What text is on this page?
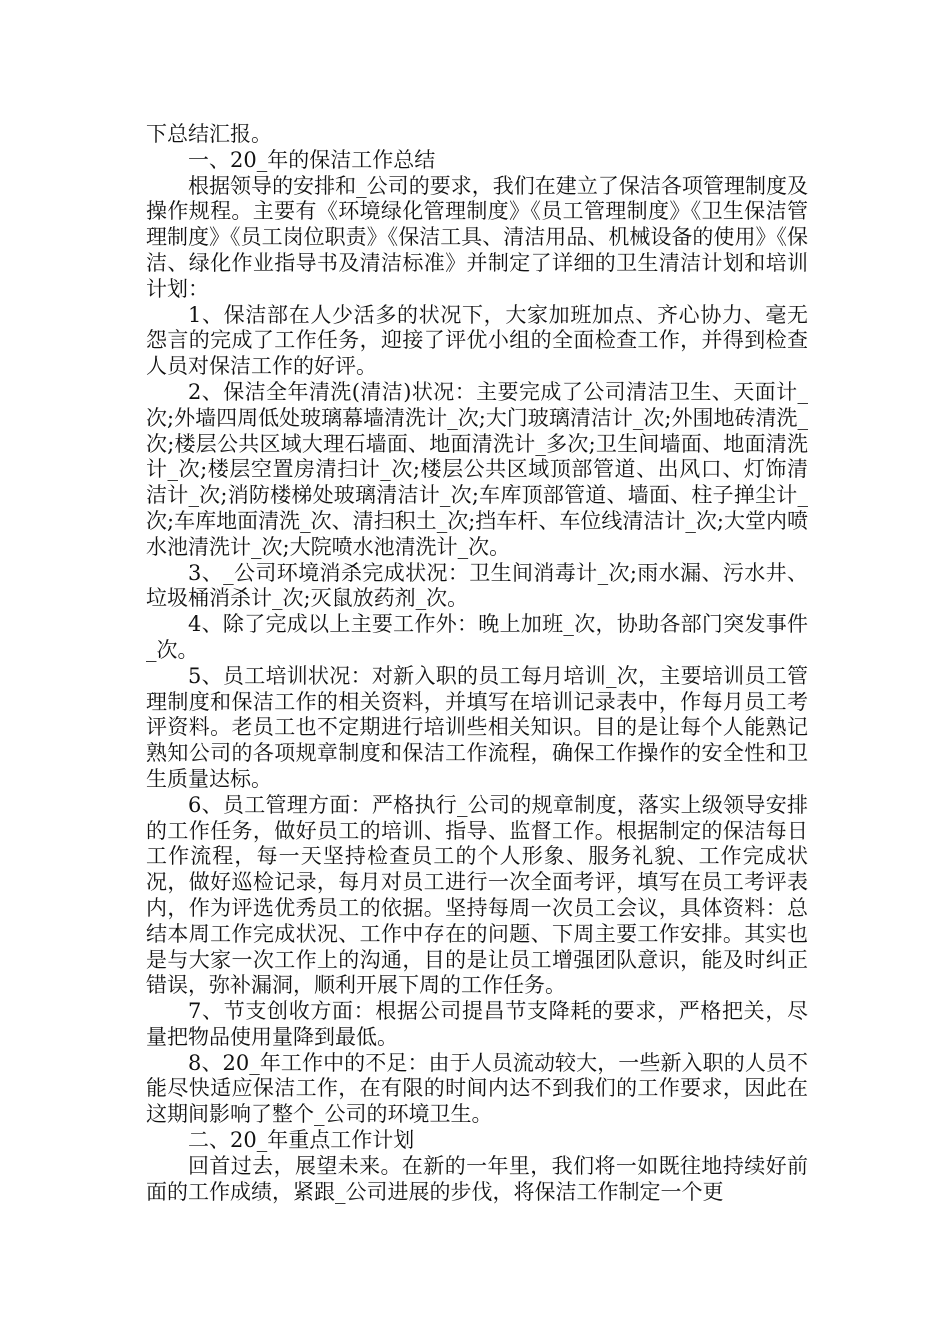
下总结汇报。

一、20_年的保洁工作总结

根据领导的安排和_公司的要求，我们在建立了保洁各项管理制度及操作规程。主要有《环境绿化管理制度》《员工管理制度》《卫生保洁管理制度》《员工岗位职责》《保洁工具、清洁用品、机械设备的使用》《保洁、绿化作业指导书及清洁标准》并制定了详细的卫生清洁计划和培训计划：

1、保洁部在人少活多的状况下，大家加班加点、齐心协力、毫无怨言的完成了工作任务，迎接了评优小组的全面检查工作，并得到检查人员对保洁工作的好评。

2、保洁全年清洗(清洁)状况：主要完成了公司清洁卫生、天面计_次;外墙四周低处玻璃幕墙清洗计_次;大门玻璃清洁计_次;外围地砖清洗_次;楼层公共区域大理石墙面、地面清洗计_多次;卫生间墙面、地面清洗计_次;楼层空置房清扫计_次;楼层公共区域顶部管道、出风口、灯饰清洁计_次;消防楼梯处玻璃清洁计_次;车库顶部管道、墙面、柱子掸尘计_次;车库地面清洗_次、清扫积土_次;挡车杆、车位线清洁计_次;大堂内喷水池清洗计_次;大院喷水池清洗计_次。

3、_公司环境消杀完成状况：卫生间消毒计_次;雨水漏、污水井、垃圾桶消杀计_次;灭鼠放药剂_次。

4、除了完成以上主要工作外：晚上加班_次，协助各部门突发事件_次。

5、员工培训状况：对新入职的员工每月培训_次，主要培训员工管理制度和保洁工作的相关资料，并填写在培训记录表中，作每月员工考评资料。老员工也不定期进行培训些相关知识。目的是让每个人能熟记熟知公司的各项规章制度和保洁工作流程，确保工作操作的安全性和卫生质量达标。

6、员工管理方面：严格执行_公司的规章制度，落实上级领导安排的工作任务，做好员工的培训、指导、监督工作。根据制定的保洁每日工作流程，每一天坚持检查员工的个人形象、服务礼貌、工作完成状况，做好巡检记录，每月对员工进行一次全面考评，填写在员工考评表内，作为评选优秀员工的依据。坚持每周一次员工会议，具体资料：总结本周工作完成状况、工作中存在的问题、下周主要工作安排。其实也是与大家一次工作上的沟通，目的是让员工增强团队意识，能及时纠正错误，弥补漏洞，顺利开展下周的工作任务。

7、节支创收方面：根据公司提昌节支降耗的要求，严格把关，尽量把物品使用量降到最低。

8、20_年工作中的不足：由于人员流动较大，一些新入职的人员不能尽快适应保洁工作，在有限的时间内达不到我们的工作要求，因此在这期间影响了整个_公司的环境卫生。

二、20_年重点工作计划

回首过去，展望未来。在新的一年里，我们将一如既往地持续好前面的工作成绩，紧跟_公司进展的步伐，将保洁工作制定一个更
